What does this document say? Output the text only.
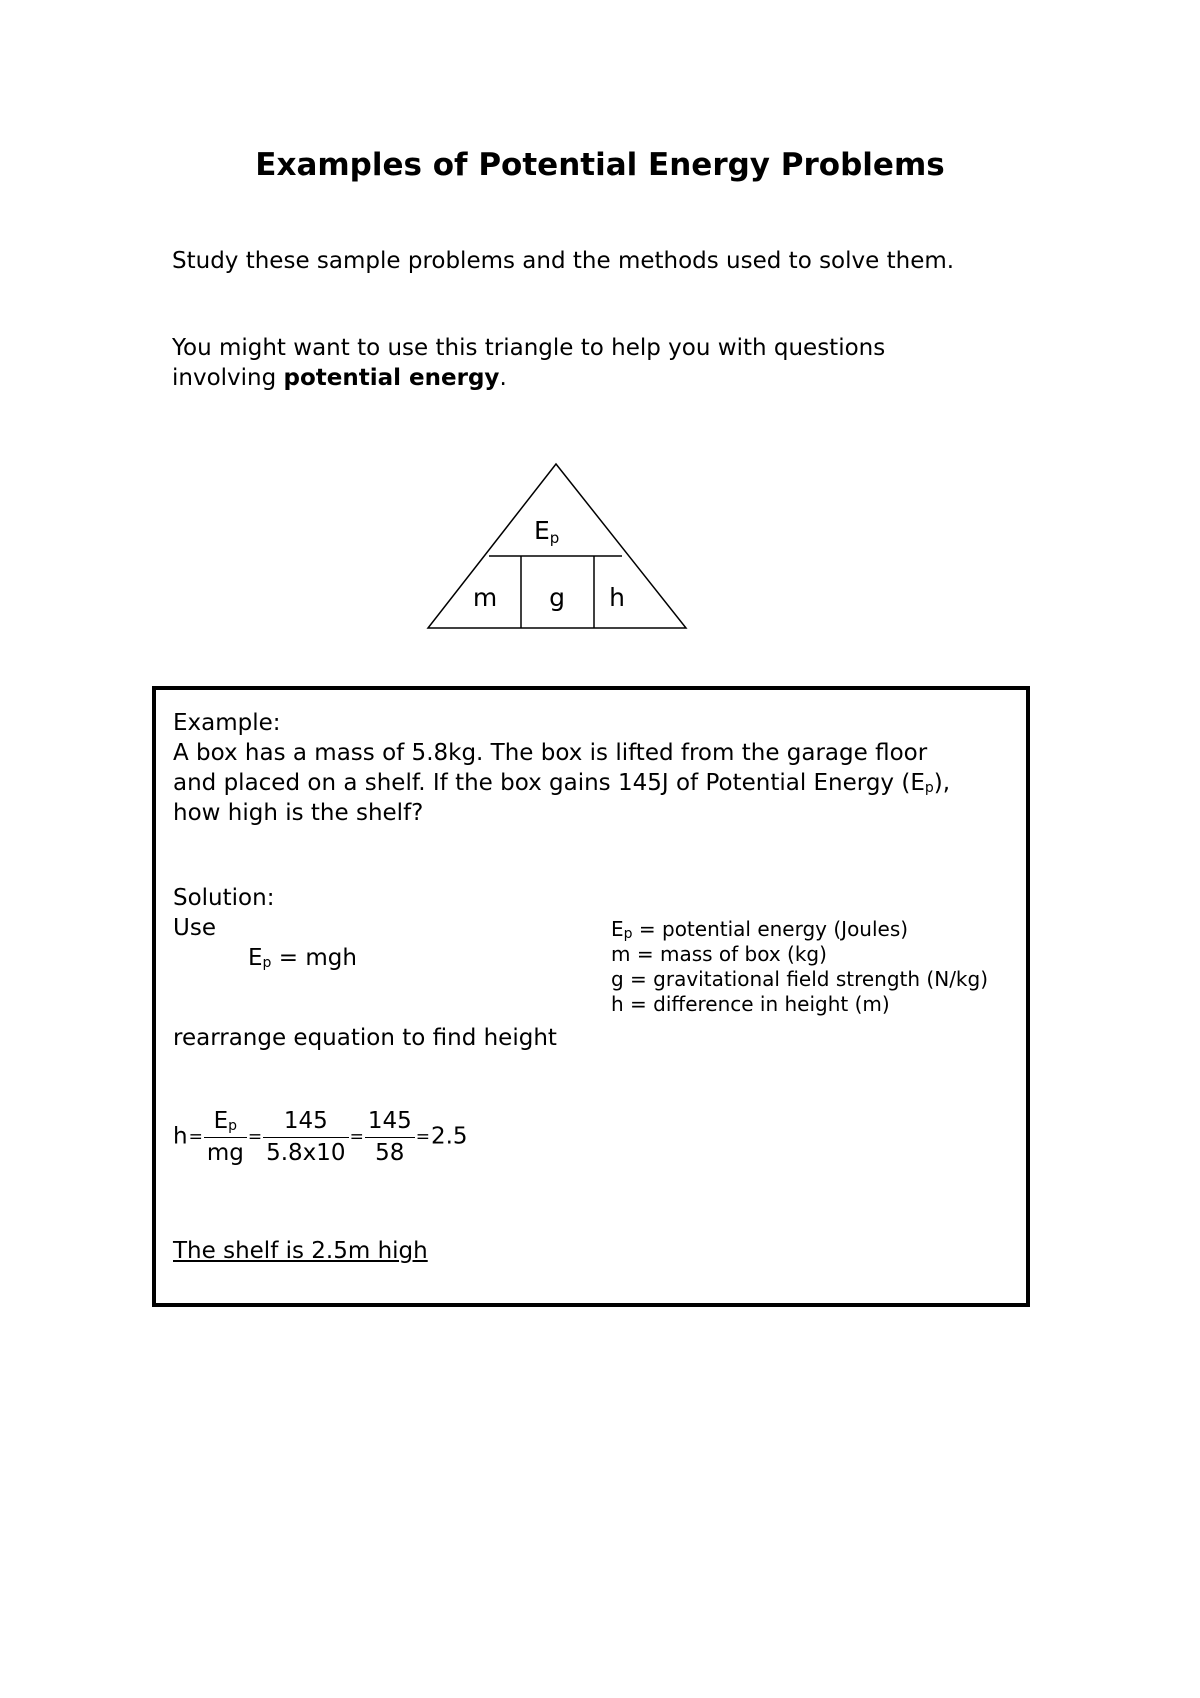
Examples of Potential Energy Problems
Study these sample problems and the methods used to solve them.
You might want to use this triangle to help you with questions
involving potential energy.
Ep
m g h
Example:
A box has a mass of 5.8kg. The box is lifted from the garage floor
and placed on a shelf. If the box gains 145J of Potential Energy $(E_p)$,
how high is the shelf?
Solution:
Use
$E_p$ = mgh
$E_p$ = potential energy (Joules)
m = mass of box (kg)
g = gravitational field strength (N/kg)
h = difference in height (m)
rearrange equation to find height
$h= \frac{E_p}{mg} = \frac{145}{5.8x10} = \frac{145}{58} =2.5$
The shelf is 2.5m high
